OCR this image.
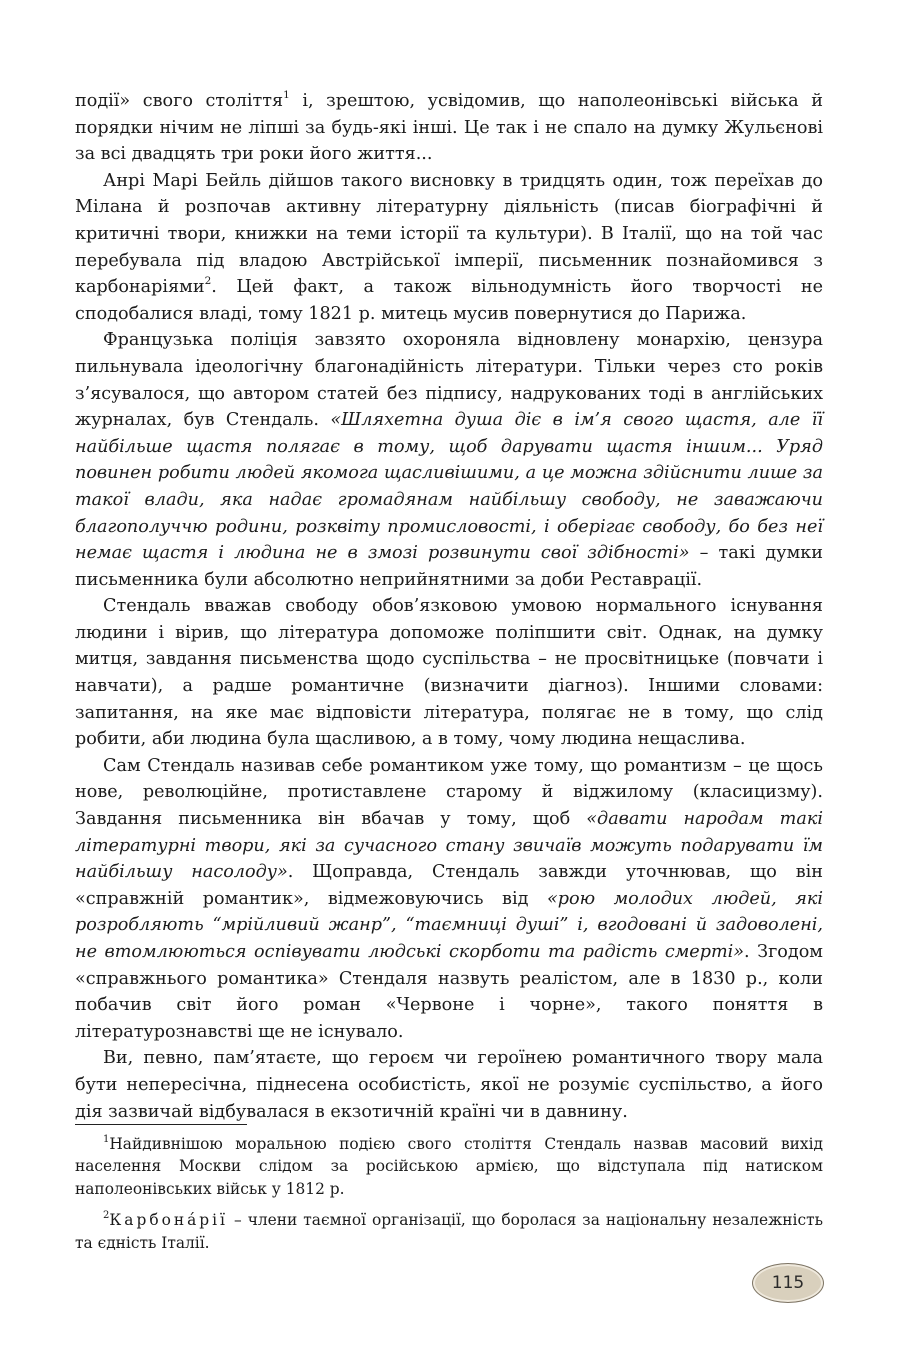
події» свого століття$^1$ і, зрештою, усвідомив, що наполеонівські війська й порядки нічим не ліпші за будь-які інші. Це так і не спало на думку Жульєнові за всі двадцять три роки його життя...

Анрі Марі Бейль дійшов такого висновку в тридцять один, тож переїхав до Мілана й розпочав активну літературну діяльність (писав біографічні й критичні твори, книжки на теми історії та культури). В Італії, що на той час перебувала під владою Австрійської імперії, письменник познайомився з карбонаріями$^2$. Цей факт, а також вільнодумність його творчості не сподобалися владі, тому 1821 р. митець мусив повернутися до Парижа.

Французька поліція завзято охороняла відновлену монархію, цензура пильнувала ідеологічну благонадійність літератури. Тільки через сто років з’ясувалося, що автором статей без підпису, надрукованих тоді в англійських журналах, був Стендаль. «Шляхетна душа діє в ім’я свого щастя, але її найбільше щастя полягає в тому, щоб дарувати щастя іншим... Уряд повинен робити людей якомога щасливішими, а це можна здійснити лише за такої влади, яка надає громадянам найбільшу свободу, не заважаючи благополуччю родини, розквіту промисловості, і оберігає свободу, бо без неї немає щастя і людина не в змозі розвинути свої здібності» – такі думки письменника були абсолютно неприйнятними за доби Реставрації.

Стендаль вважав свободу обов’язковою умовою нормального існування людини і вірив, що література допоможе поліпшити світ. Однак, на думку митця, завдання письменства щодо суспільства – не просвітницьке (повчати і навчати), а радше романтичне (визначити діагноз). Іншими словами: запитання, на яке має відповісти література, полягає не в тому, що слід робити, аби людина була щасливою, а в тому, чому людина нещаслива.

Сам Стендаль називав себе романтиком уже тому, що романтизм – це щось нове, революційне, протиставлене старому й віджилому (класицизму). Завдання письменника він вбачав у тому, щоб «давати народам такі літературні твори, які за сучасного стану звичаїв можуть подарувати їм найбільшу насолоду». Щоправда, Стендаль завжди уточнював, що він «справжній романтик», відмежовуючись від «рою молодих людей, які розробляють “мрійливий жанр”, “таємниці душі” і, вгодовані й задоволені, не втомлюються оспівувати людські скорботи та радість смерті». Згодом «справжнього романтика» Стендаля назвуть реалістом, але в 1830 р., коли побачив світ його роман «Червоне і чорне», такого поняття в літературознавстві ще не існувало.

Ви, певно, пам’ятаєте, що героєм чи героїнею романтичного твору мала бути непересічна, піднесена особистість, якої не розуміє суспільство, а його дія зазвичай відбувалася в екзотичній країні чи в давнину.

$^1$Найдивнішою моральною подією свого століття Стендаль назвав масовий вихід населення Москви слідом за російською армією, що відступала під натиском наполеонівських військ у 1812 р.

$^2$Карбонáрії – члени таємної організації, що боролася за національну незалежність та єдність Італії.

115
